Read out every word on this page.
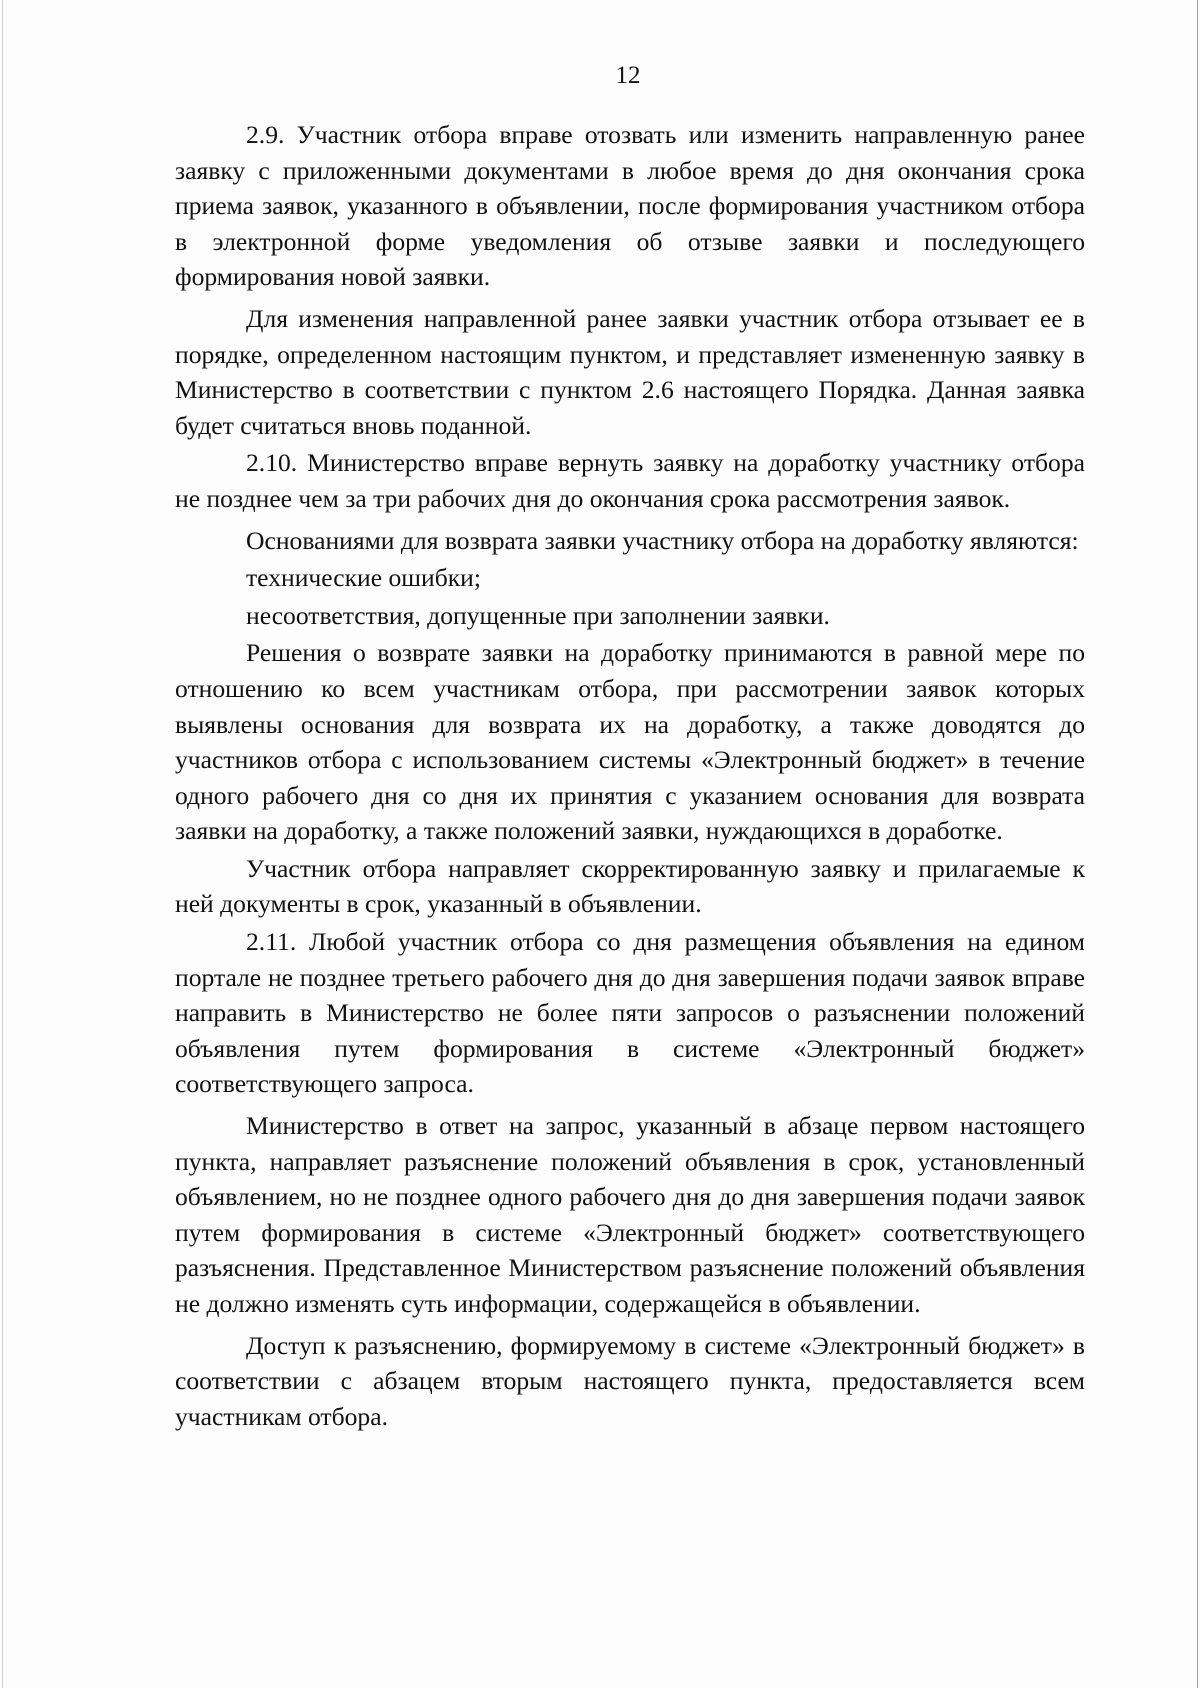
12

2.9. Участник отбора вправе отозвать или изменить направленную ранее заявку с приложенными документами в любое время до дня окончания срока приема заявок, указанного в объявлении, после формирования участником отбора в электронной форме уведомления об отзыве заявки и последующего формирования новой заявки.

Для изменения направленной ранее заявки участник отбора отзывает ее в порядке, определенном настоящим пунктом, и представляет измененную заявку в Министерство в соответствии с пунктом 2.6 настоящего Порядка. Данная заявка будет считаться вновь поданной.

2.10. Министерство вправе вернуть заявку на доработку участнику отбора не позднее чем за три рабочих дня до окончания срока рассмотрения заявок.

Основаниями для возврата заявки участнику отбора на доработку являются:

технические ошибки;

несоответствия, допущенные при заполнении заявки.

Решения о возврате заявки на доработку принимаются в равной мере по отношению ко всем участникам отбора, при рассмотрении заявок которых выявлены основания для возврата их на доработку, а также доводятся до участников отбора с использованием системы «Электронный бюджет» в течение одного рабочего дня со дня их принятия с указанием основания для возврата заявки на доработку, а также положений заявки, нуждающихся в доработке.

Участник отбора направляет скорректированную заявку и прилагаемые к ней документы в срок, указанный в объявлении.

2.11. Любой участник отбора со дня размещения объявления на едином портале не позднее третьего рабочего дня до дня завершения подачи заявок вправе направить в Министерство не более пяти запросов о разъяснении положений объявления путем формирования в системе «Электронный бюджет» соответствующего запроса.

Министерство в ответ на запрос, указанный в абзаце первом настоящего пункта, направляет разъяснение положений объявления в срок, установленный объявлением, но не позднее одного рабочего дня до дня завершения подачи заявок путем формирования в системе «Электронный бюджет» соответствующего разъяснения. Представленное Министерством разъяснение положений объявления не должно изменять суть информации, содержащейся в объявлении.

Доступ к разъяснению, формируемому в системе «Электронный бюджет» в соответствии с абзацем вторым настоящего пункта, предоставляется всем участникам отбора.
